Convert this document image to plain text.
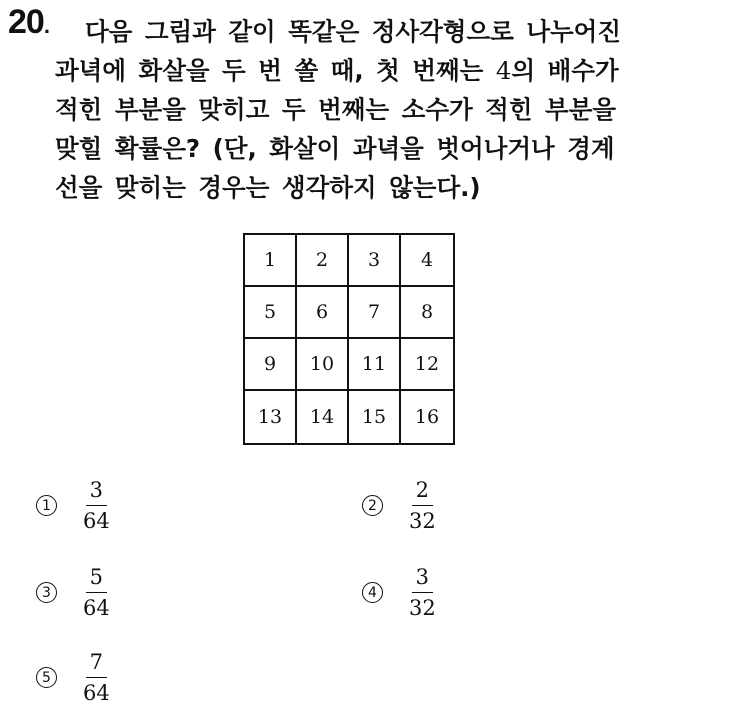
20.	다음 그림과 같이 똑같은 정사각형으로 나누어진
과녁에 화살을 두 번 쏠 때, 첫 번째는 4의 배수가
적힌 부분을 맞히고 두 번째는 소수가 적힌 부분을
맞힐 확률은? (단, 화살이 과녁을 벗어나거나 경계
선을 맞히는 경우는 생각하지 않는다.)
1	2	3	4
5	6	7	8
9	10	11	12
13	14	15	16
$1 \frac{3}{64}$	$2 \frac{2}{32}$
$3 \frac{5}{64}$	$4 \frac{3}{32}$
$5 \frac{7}{64}$
